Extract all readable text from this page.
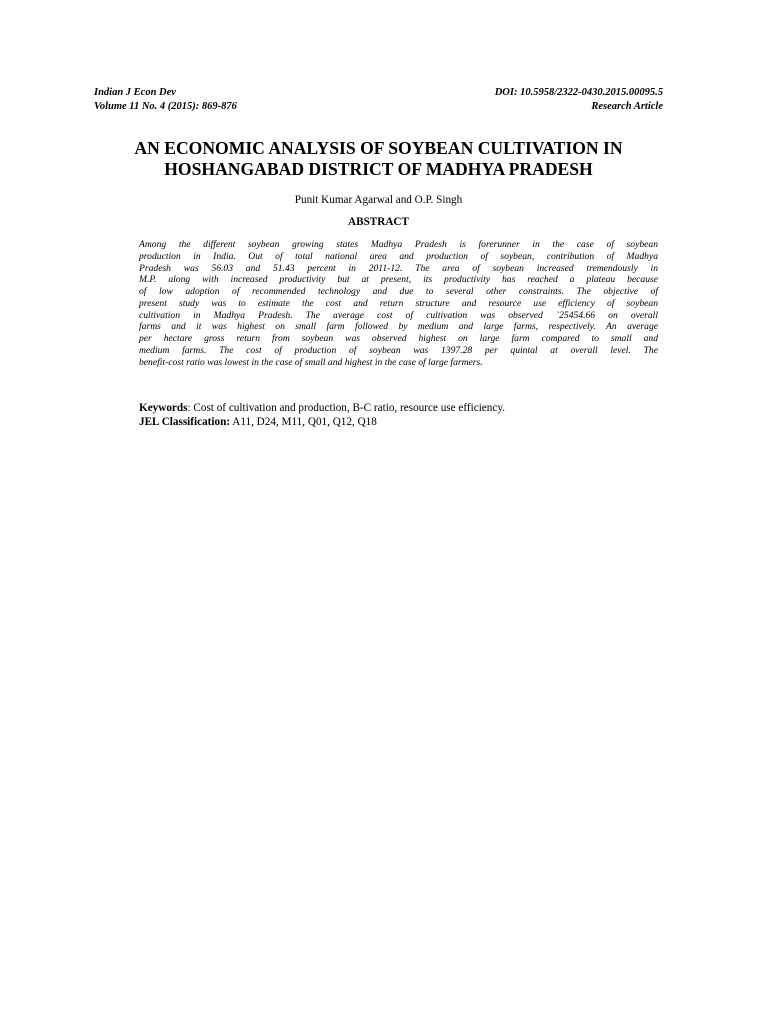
Indian J Econ Dev
Volume 11 No. 4 (2015): 869-876
DOI: 10.5958/2322-0430.2015.00095.5
Research Article
AN ECONOMIC ANALYSIS OF SOYBEAN CULTIVATION IN
HOSHANGABAD DISTRICT OF MADHYA PRADESH
Punit Kumar Agarwal and O.P. Singh
ABSTRACT
Among the different soybean growing states Madhya Pradesh is forerunner in the case of soybean
production in India. Out of total national area and production of soybean, contribution of Madhya
Pradesh was 56.03 and 51.43 percent in 2011-12. The area of soybean increased tremendously in
M.P. along with increased productivity but at present, its productivity has reached a plateau because
of low adoption of recommended technology and due to several other constraints. The objective of
present study was to estimate the cost and return structure and resource use efficiency of soybean
cultivation in Madhya Pradesh. The average cost of cultivation was observed `25454.66 on overall
farms and it was highest on small farm followed by medium and large farms, respectively. An average
per hectare gross return from soybean was observed highest on large farm compared to small and
medium farms. The cost of production of soybean was 1397.28 per quintal at overall level. The
benefit-cost ratio was lowest in the case of small and highest in the case of large farmers.
Keywords: Cost of cultivation and production, B-C ratio, resource use efficiency.
JEL Classification: A11, D24, M11, Q01, Q12, Q18
